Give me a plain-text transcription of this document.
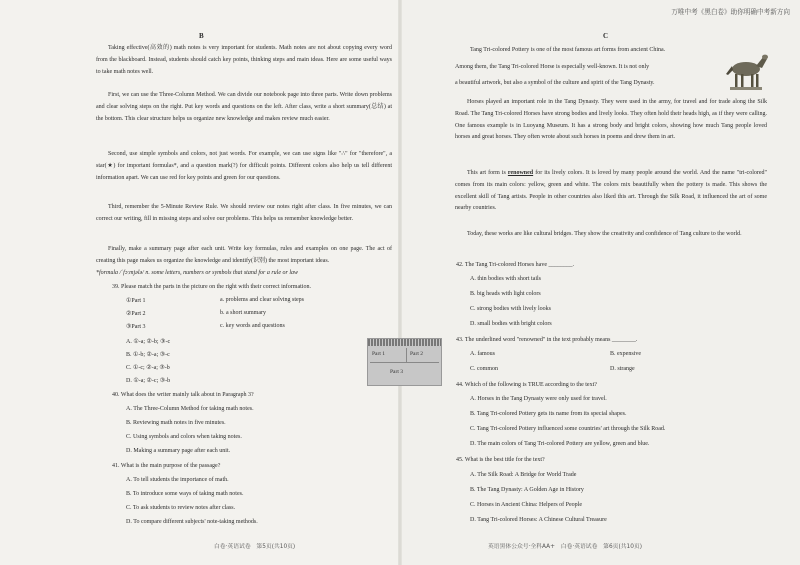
万唯中考《黑白卷》助你明确中考新方向
B

Taking effective(高效的) math notes is very important for students. Math notes are not about copying every word from the blackboard. Instead, students should catch key points, thinking steps and main ideas. Here are some useful ways to take math notes well.

First, we can use the Three-Column Method. We can divide our notebook page into three parts. Write down problems and clear solving steps on the right. Put key words and questions on the left. After class, write a short summary(总结) at the bottom. This clear structure helps us organize new knowledge and makes review much easier.

Second, use simple symbols and colors, not just words. For example, we can use signs like "∴" for "therefore", a star(★) for important formulas*, and a question mark(?) for difficult points. Different colors also help us tell different information apart. We can use red for key points and green for our questions.

Third, remember the 5-Minute Review Rule. We should review our notes right after class. In five minutes, we can correct our writing, fill in missing steps and solve our problems. This helps us remember knowledge better.

Finally, make a summary page after each unit. Write key formulas, rules and examples on one page. The act of creating this page makes us organize the knowledge and identify(识别) the most important ideas.

*formula /ˈfɔːmjələ/ n. some letters, numbers or symbols that stand for a rule or law
39. Please match the parts in the picture on the right with their correct information.
①Part 1
②Part 2
③Part 3
a. problems and clear solving steps
b. a short summary
c. key words and questions
A. ①-a; ②-b; ③-c
B. ①-b; ②-a; ③-c
C. ①-c; ②-a; ③-b
D. ①-a; ②-c; ③-b
Part 1	Part 2
Part 3
40. What does the writer mainly talk about in Paragraph 3?
A. The Three-Column Method for taking math notes.
B. Reviewing math notes in five minutes.
C. Using symbols and colors when taking notes.
D. Making a summary page after each unit.
41. What is the main purpose of the passage?
A. To tell students the importance of math.
B. To introduce some ways of taking math notes.
C. To ask students to review notes after class.
D. To compare different subjects' note-taking methods.
白卷·英语试卷　第5页(共10页)
C
Tang Tri-colored Pottery is one of the most famous art forms from ancient China.
Among them, the Tang Tri-colored Horse is especially well-known. It is not only
a beautiful artwork, but also a symbol of the culture and spirit of the Tang Dynasty.

Horses played an important role in the Tang Dynasty. They were used in the army, for travel and for trade along the Silk Road. The Tang Tri-colored Horses have strong bodies and lively looks. They often hold their heads high, as if they were calling. One famous example is in Luoyang Museum. It has a strong body and bright colors, showing how much Tang people loved horses and great horses. They often wrote about such horses in poems and drew them in art.

This art form is renowned for its lively colors. It is loved by many people around the world. And the name "tri-colored" comes from its main colors: yellow, green and white. The colors mix beautifully when the pottery is made. This shows the excellent skill of Tang artists. People in other countries also liked this art. Through the Silk Road, it influenced the art of some nearby countries.

Today, these works are like cultural bridges. They show the creativity and confidence of Tang culture to the world.

42. The Tang Tri-colored Horses have ________.
A. thin bodies with short tails
B. big heads with light colors
C. strong bodies with lively looks
D. small bodies with bright colors
43. The underlined word "renowned" in the text probably means ________.
A. famous	B. expensive
C. common	D. strange
44. Which of the following is TRUE according to the text?
A. Horses in the Tang Dynasty were only used for travel.
B. Tang Tri-colored Pottery gets its name from its special shapes.
C. Tang Tri-colored Pottery influenced some countries' art through the Silk Road.
D. The main colors of Tang Tri-colored Pottery are yellow, green and blue.
45. What is the best title for the text?
A. The Silk Road: A Bridge for World Trade
B. The Tang Dynasty: A Golden Age in History
C. Horses in Ancient China: Helpers of People
D. Tang Tri-colored Horses: A Chinese Cultural Treasure
英语黑体公众号·全科AA+　白卷·英语试卷　第6页(共10页)
